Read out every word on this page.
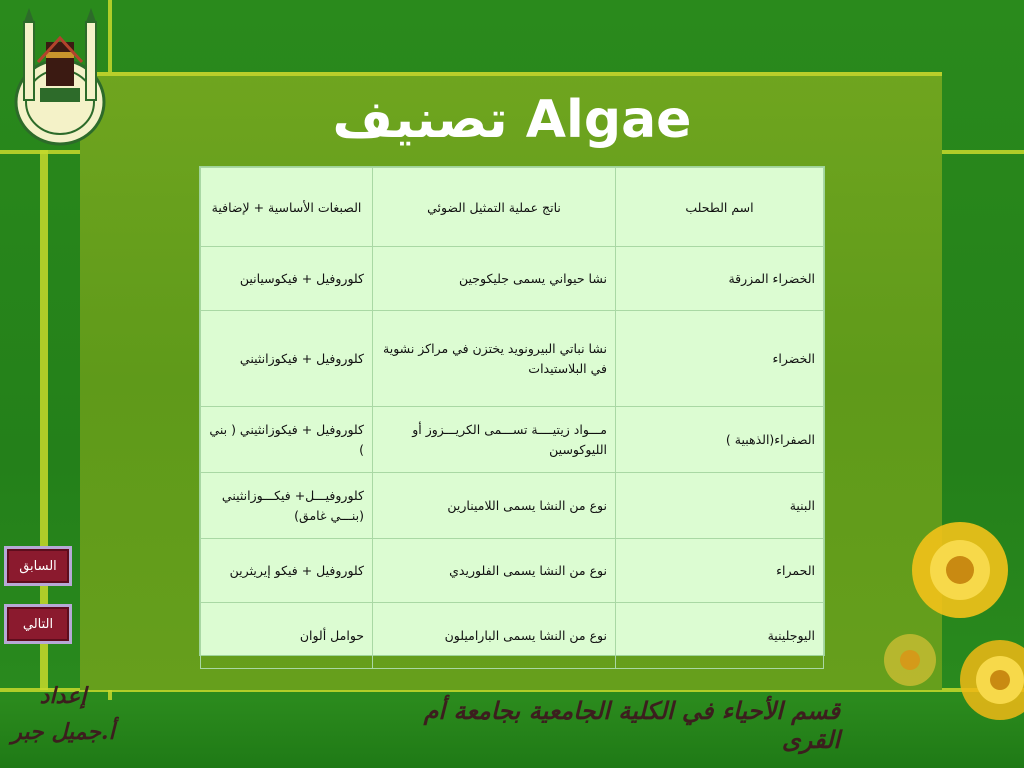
Algae تصنيف
اسم الطحلب	ناتج عملية التمثيل الضوئي	الصبغات الأساسية + لإضافية
الخضراء المزرقة	نشا حيواني يسمى جليكوجين	كلوروفيل + فيكوسيانين
الخضراء	نشا نباتي البيرونويد يختزن في مراكز نشوية في البلاستيدات	كلوروفيل + فيكوزانثيني
الصفراء(الذهبية )	مـــواد زيتيــــة تســـمى الكريـــزوز أو الليوكوسين	كلوروفيل + فيكوزانثيني ( بني )
البنية	نوع من النشا يسمى اللامينارين	كلوروفيـــل+ فيكـــوزانثيني (بنـــي غامق)
الحمراء	نوع من النشا يسمى الفلوريدي	كلوروفيل + فيكو إيريثرين
اليوجلينية	نوع من النشا يسمى الباراميلون	حوامل ألوان
السابق
التالي
قسم الأحياء في الكلية الجامعية بجامعة أم القرى
إعداد
أ.جميل جبر
